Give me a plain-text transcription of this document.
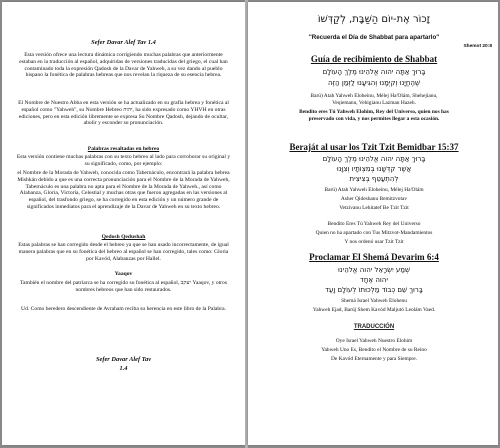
Sefer Davar Alef Tav 1.4
Esta versión ofrece una lectura dinámica corrigiendo muchas palabras que anteriormente estaban en la traducción al español, adquiridas de versiones traducidas del griego, el cual han contaminado toda la expresión Qadosh de la Davar de Yahweh, a su vez dando al pueblo hispano la fonética de palabras hebreas que nos revelan la riqueza de su esencia hebrea.
El Nombre de Nuestro Abba en esta versión se ha actualizado en su grafía hebrea y fonética al español como "Yahweh", su Nombre Hebreo יהוה, ha sido expresado como YHVH en otras ediciones, pero en esta edición libremente se expresa Su Nombre Qadosh, dejando de ocultar, abolir y esconder su pronunciación.
Palabras resaltadas en hebreo
Esta versión contiene muchas palabras con su texto hebreo al lado para corroborar su original y su significado, como, por ejemplo:
el Nombre de la Morada de Yahweh, conocida como Tabernáculo, encontrará la palabra hebrea Mishkán debido a que es una correcta pronunciación para el Nombre de la Morada de Yahweh, Tabernáculo es una palabra no apta para el Nombre de la Morada de Yahweh., así como Alabanza, Gloria, Victoria, Celestial y muchas otras que fueron agregadas en las versiones al español, del trasfondo griego, se ha corregido en esta edición y un número grande de significados inmediatos para el aprendizaje de la Davar de Yahweh en su texto hebreo.
Qedosh Qedushah
Estas palabras se han corregido desde el hebreo ya que se han usado incorrectamente, de igual manera palabras que en su fonética del hebreo al español se han corregido, tales como: Gloria por Kavód, Alabanzas por Hallel.
Yaaqov
También el nombre del patriarca se ha corregido su fonética al español, יעקב Yaaqov, y otros nombres hebreos que han sido restaurados.
Ud. Como heredero descendiente de Avraham reciba su herencia en este libro de la Palabra.
Sefer Davar Alef Tav
1.4
זָכוֹר אֶת-יוֹם הַשַּׁבָּת, לְקַדְּשׁוֹ
"Recuerda el Día de Shabbat para apartarlo"
Shemot 20:8
Guía de recibimiento de Shabbat
בָּרוּךְ אַתָּה יהוה אֱלֹהֵינוּ מֶלֶךְ הָעוֹלָם
שֶׁהֶחֱיָנוּ וְקִיְּמָנוּ וְהִגִּיעָנוּ לַזְּמַן הַזֶּה
Barú) Atah Yahweh Eloheinu, Mélej Ha'Olám, Shehejianu,
Veqiemanu, Vehigianu Lazman Hazeh.
Bendito eres Tú Yahweh Elohim, Rey del Universo, quien nos has
preservado con vida, y nos permites llegar a esta ocasión.
Beraját al usar los Tzit Tzit Bemidbar 15:37
בָּרוּךְ אַתָּה יהוה אֱלֹהֵינוּ מֶלֶךְ הָעוֹלָם
אֲשֶׁר קִדְּשָׁנוּ בְּמִצְוֹתָיו וְצִוָּנוּ
לְהִתְעַטֵּף בְּצִיצִית
Barú) Atah Yahweh Eloheinu, Mélej Ha'Olám
Asher Qideshanu Bemitzvotav
Vetzivanu Lehitatef Be Tzit Tzit
Bendito Eres Tú Yahweh Rey del Universo
Quien no ha apartado con Tus Mitzvot-Mandamientos
Y nos ordenó usar Tzit Tzit
Proclamar El Shemá Devarim 6:4
שְׁמַע יִשְׂרָאֵל יהוה אֱלֹהֵינוּ
יהוה אֶחָד
בָּרוּךְ שֵׁם כְּבוֹד מַלְכוּתוֹ לְעוֹלָם וָעֶד
Shemá Israel Yahweh Elohenu
Yahweh Ejad, Barúj Shem Kavód Maljutó Leolám Vaed.
TRADUCCIÓN
Oye Israel Yahweh Nuestro Elohim
Yahweh Uno Es, Bendito el Nombre de su Reino
De Kavód Eternamente y para Siempre.
